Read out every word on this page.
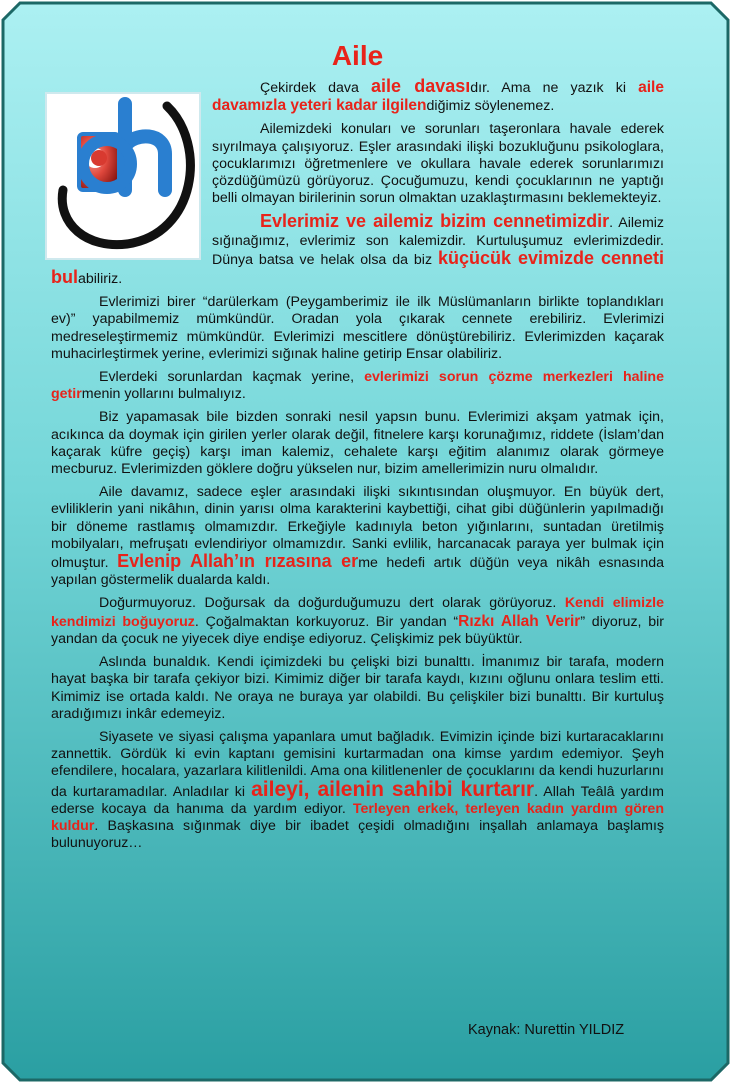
Aile

Çekirdek dava aile davasıdır. Ama ne yazık ki aile davamızla yeteri kadar ilgilendiğimiz söylenemez.

Ailemizdeki konuları ve sorunları taşeronlara havale ederek sıyrılmaya çalışıyoruz. Eşler arasındaki ilişki bozukluğunu psikologlara, çocuklarımızı öğretmenlere ve okullara havale ederek sorunlarımızı çözdüğümüzü görüyoruz. Çocuğumuzu, kendi çocuklarının ne yaptığı belli olmayan birilerinin sorun olmaktan uzaklaştırmasını beklemekteyiz.

Evlerimiz ve ailemiz bizim cennetimizdir. Ailemiz sığınağımız, evlerimiz son kalemizdir. Kurtuluşumuz evlerimizdedir. Dünya batsa ve helak olsa da biz küçücük evimizde cenneti bulabiliriz.

Evlerimizi birer “darülerkam (Peygamberimiz ile ilk Müslümanların birlikte toplandıkları ev)” yapabilmemiz mümkündür. Oradan yola çıkarak cennete erebiliriz. Evlerimizi medreseleştirmemiz mümkündür. Evlerimizi mescitlere dönüştürebiliriz. Evlerimizden kaçarak muhacirleştirmek yerine, evlerimizi sığınak haline getirip Ensar olabiliriz.

Evlerdeki sorunlardan kaçmak yerine, evlerimizi sorun çözme merkezleri haline getirmenin yollarını bulmalıyız.

Biz yapamasak bile bizden sonraki nesil yapsın bunu. Evlerimizi akşam yatmak için, acıkınca da doymak için girilen yerler olarak değil, fitnelere karşı korunağımız, riddete (İslam’dan kaçarak küfre geçiş) karşı iman kalemiz, cehalete karşı eğitim alanımız olarak görmeye mecburuz. Evlerimizden göklere doğru yükselen nur, bizim amellerimizin nuru olmalıdır.

Aile davamız, sadece eşler arasındaki ilişki sıkıntısından oluşmuyor. En büyük dert, evliliklerin yani nikâhın, dinin yarısı olma karakterini kaybettiği, cihat gibi düğünlerin yapılmadığı bir döneme rastlamış olmamızdır. Erkeğiyle kadınıyla beton yığınlarını, suntadan üretilmiş mobilyaları, mefruşatı evlendiriyor olmamızdır. Sanki evlilik, harcanacak paraya yer bulmak için olmuştur. Evlenip Allah’ın rızasına erme hedefi artık düğün veya nikâh esnasında yapılan göstermelik dualarda kaldı.

Doğurmuyoruz. Doğursak da doğurduğumuzu dert olarak görüyoruz. Kendi elimizle kendimizi boğuyoruz. Çoğalmaktan korkuyoruz. Bir yandan “Rızkı Allah Verir” diyoruz, bir yandan da çocuk ne yiyecek diye endişe ediyoruz. Çelişkimiz pek büyüktür.

Aslında bunaldık. Kendi içimizdeki bu çelişki bizi bunalttı. İmanımız bir tarafa, modern hayat başka bir tarafa çekiyor bizi. Kimimiz diğer bir tarafa kaydı, kızını oğlunu onlara teslim etti. Kimimiz ise ortada kaldı. Ne oraya ne buraya yar olabildi. Bu çelişkiler bizi bunalttı. Bir kurtuluş aradığımızı inkâr edemeyiz.

Siyasete ve siyasi çalışma yapanlara umut bağladık. Evimizin içinde bizi kurtaracaklarını zannettik. Gördük ki evin kaptanı gemisini kurtarmadan ona kimse yardım edemiyor. Şeyh efendilere, hocalara, yazarlara kilitlenildi. Ama ona kilitlenenler de çocuklarını da kendi huzurlarını da kurtaramadılar. Anladılar ki aileyi, ailenin sahibi kurtarır. Allah Teâlâ yardım ederse kocaya da hanıma da yardım ediyor. Terleyen erkek, terleyen kadın yardım gören kuldur. Başkasına sığınmak diye bir ibadet çeşidi olmadığını inşallah anlamaya başlamış bulunuyoruz…

Kaynak: Nurettin YILDIZ
